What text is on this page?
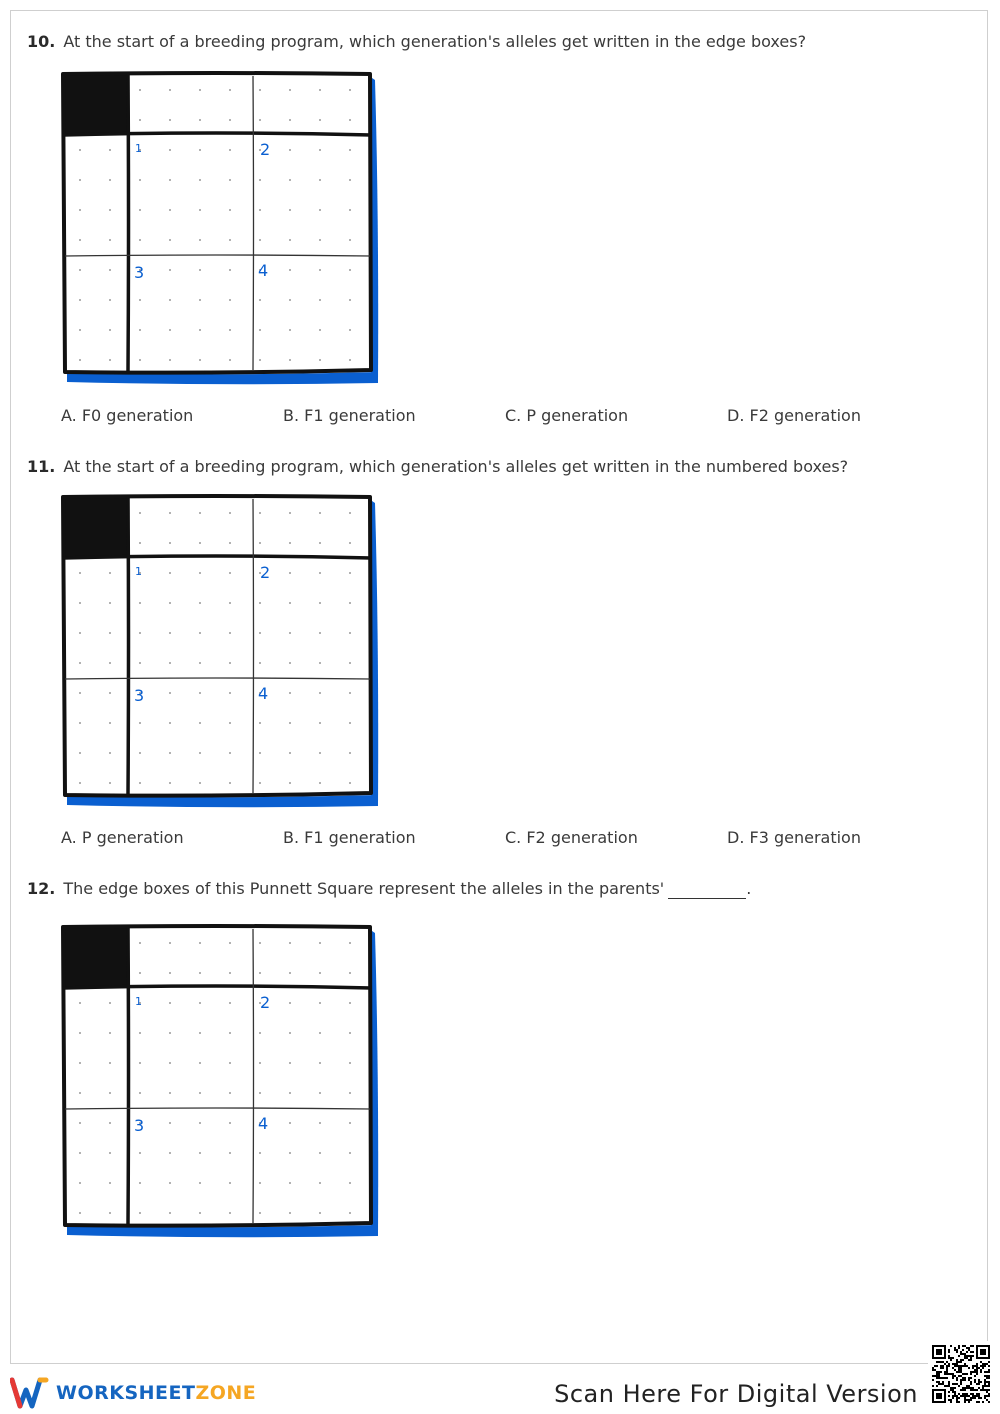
10. At the start of a breeding program, which generation's alleles get written in the edge boxes?
1	2
3	4
A. F0 generation	B. F1 generation	C. P generation	D. F2 generation
11. At the start of a breeding program, which generation's alleles get written in the numbered boxes?
1	2
3	4
A. P generation	B. F1 generation	C. F2 generation	D. F3 generation
12. The edge boxes of this Punnett Square represent the alleles in the parents'	.
1	2
3	4
WORKSHEETZONE	Scan Here For Digital Version
